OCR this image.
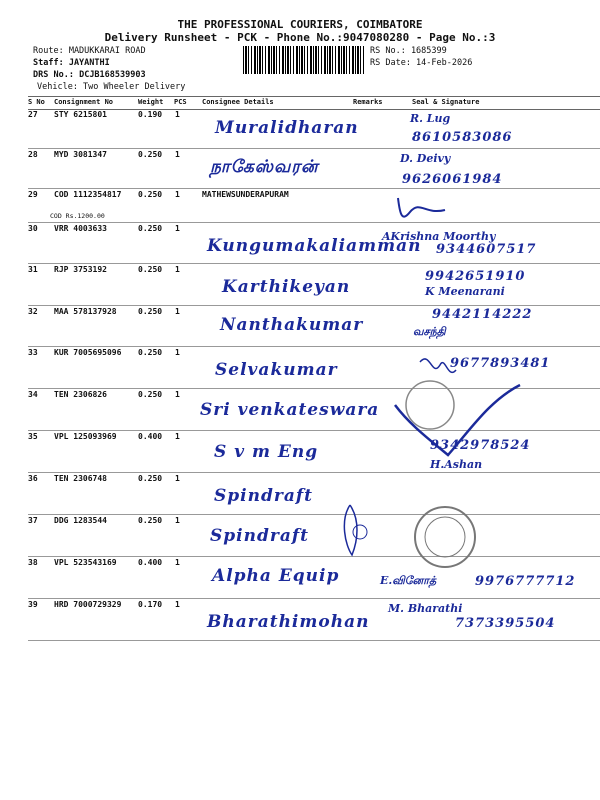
THE PROFESSIONAL COURIERS, COIMBATORE
Delivery Runsheet - PCK - Phone No.:9047080280 - Page No.:3
Route: MADUKKARAI ROAD
Staff: JAYANTHI
DRS No.: DCJB168539903
Vehicle: Two Wheeler Delivery
RS No.: 1685399
RS Date: 14-Feb-2026
S No Consignment No	Weight PCS Consignee Details	Remarks	Seal & Signature
27 STY 6215801	0.190 1
Muralidharan	R. Lug
8610583086
28 MYD 3081347	0.250 1
நாகேஸ்வரன்	D. Deivy
9626061984
29 COD 1112354817 0.250 1	MATHEWSUNDERAPURAM
COD Rs.1200.00
30 VRR 4003633	0.250 1
Kungumakaliamman
AKrishna Moorthy
9344607517
31 RJP 3753192	0.250 1
Karthikeyan	K Meenarani
9942651910
32 MAA 578137928	0.250 1
Nanthakumar	வசந்தி
9442114222
33 KUR 7005695096 0.250 1
Selvakumar	9677893481
34 TEN 2306826	0.250 1
Sri venkateswara
35 VPL 125093969	0.400 1
S v m Eng
H.Ashan
9342978524
36 TEN 2306748	0.250 1
Spindraft
37 DDG 1283544	0.250 1
Spindraft
38 VPL 523543169	0.400 1
Alpha Equip	E.வினோத்	9976777712
39 HRD 7000729329 0.170 1
Bharathimohan
M. Bharathi
7373395504
